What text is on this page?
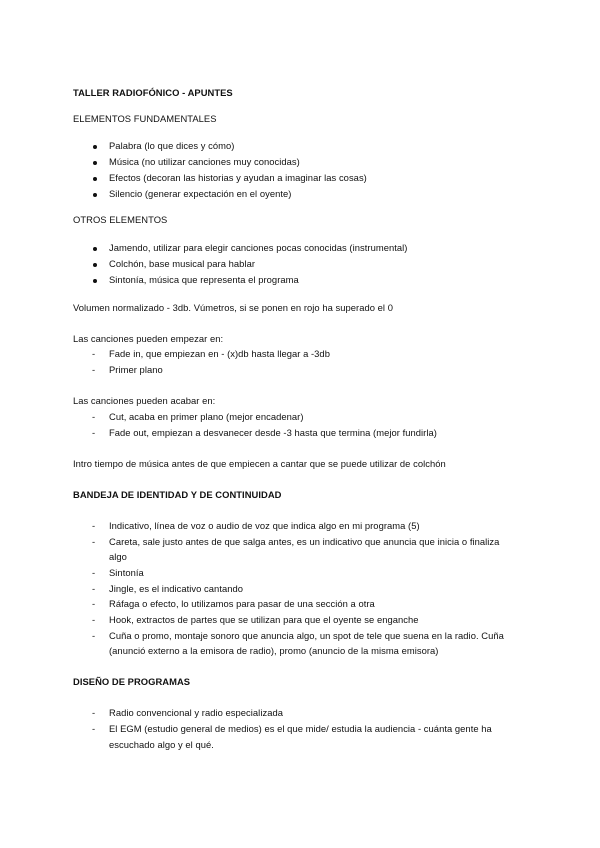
TALLER RADIOFÓNICO - APUNTES
ELEMENTOS FUNDAMENTALES
Palabra (lo que dices y cómo)
Música (no utilizar canciones muy conocidas)
Efectos (decoran las historias y ayudan a imaginar las cosas)
Silencio (generar expectación en el oyente)
OTROS ELEMENTOS
Jamendo, utilizar para elegir canciones pocas conocidas (instrumental)
Colchón, base musical para hablar
Sintonía, música que representa el programa
Volumen normalizado - 3db. Vúmetros, si se ponen en rojo ha superado el 0
Las canciones pueden empezar en:
- Fade in, que empiezan en - (x)db hasta llegar a -3db
- Primer plano
Las canciones pueden acabar en:
- Cut, acaba en primer plano (mejor encadenar)
- Fade out, empiezan a desvanecer desde -3 hasta que termina (mejor fundirla)
Intro tiempo de música antes de que empiecen a cantar que se puede utilizar de colchón
BANDEJA DE IDENTIDAD Y DE CONTINUIDAD
- Indicativo, línea de voz o audio de voz que indica algo en mi programa (5)
- Careta, sale justo antes de que salga antes, es un indicativo que anuncia que inicia o finaliza
algo
- Sintonía
- Jingle, es el indicativo cantando
- Ráfaga o efecto, lo utilizamos para pasar de una sección a otra
- Hook, extractos de partes que se utilizan para que el oyente se enganche
- Cuña o promo, montaje sonoro que anuncia algo, un spot de tele que suena en la radio. Cuña
(anunció externo a la emisora de radio), promo (anuncio de la misma emisora)
DISEÑO DE PROGRAMAS
- Radio convencional y radio especializada
- El EGM (estudio general de medios) es el que mide/ estudia la audiencia - cuánta gente ha
escuchado algo y el qué.
